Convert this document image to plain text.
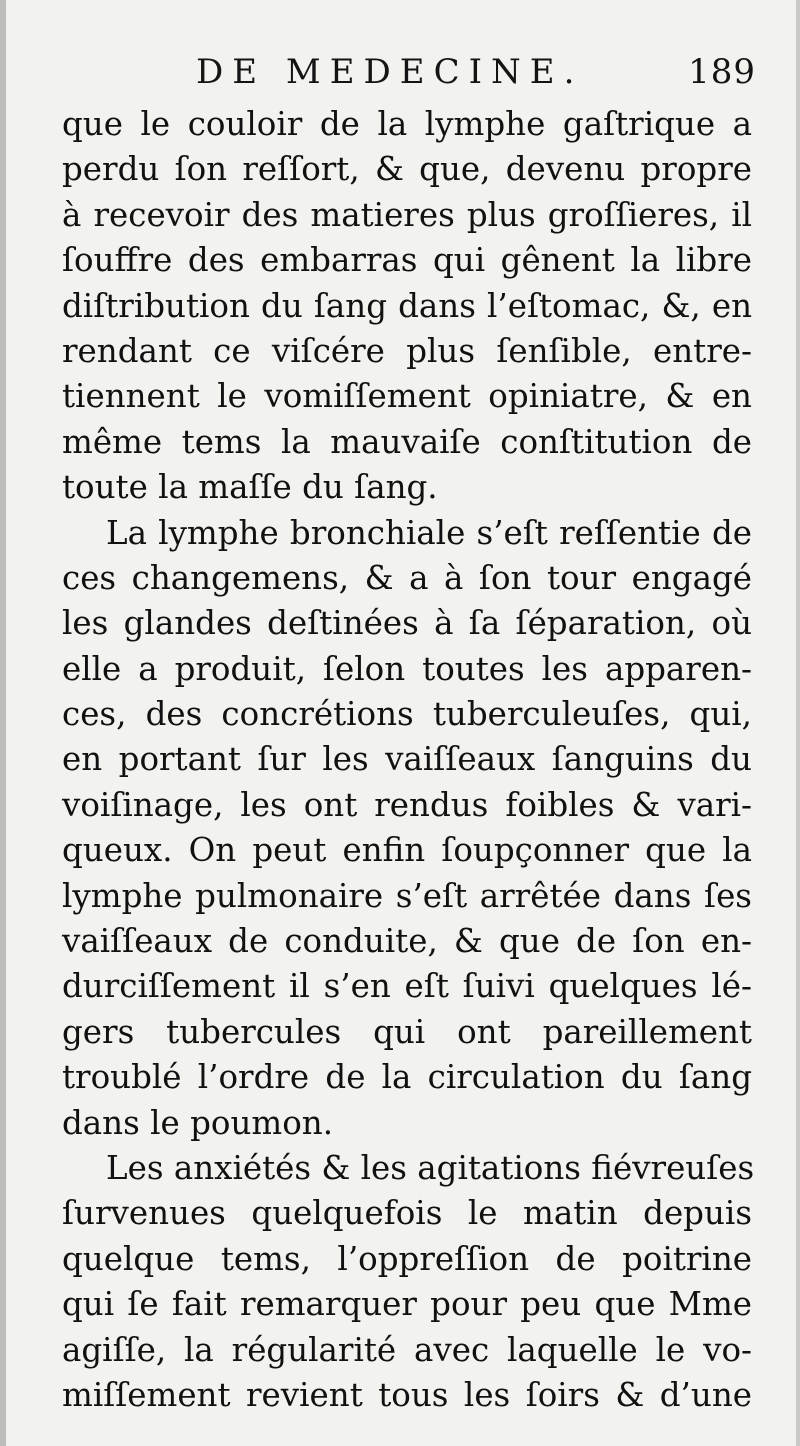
DE MEDECINE.	189
que le couloir de la lymphe gaſtrique a
perdu ſon reſſort, & que, devenu propre
à recevoir des matieres plus groſſieres, il
ſouffre des embarras qui gênent la libre
diſtribution du ſang dans l’eſtomac, &, en
rendant ce viſcére plus ſenſible, entre-
tiennent le vomiſſement opiniatre, & en
même tems la mauvaiſe conſtitution de
toute la maſſe du ſang.
La lymphe bronchiale s’eſt reſſentie de
ces changemens, & a à ſon tour engagé
les glandes deſtinées à ſa ſéparation, où
elle a produit, ſelon toutes les apparen-
ces, des concrétions tuberculeuſes, qui,
en portant ſur les vaiſſeaux ſanguins du
voiſinage, les ont rendus foibles & vari-
queux. On peut enfin ſoupçonner que la
lymphe pulmonaire s’eſt arrêtée dans ſes
vaiſſeaux de conduite, & que de ſon en-
durciſſement il s’en eſt ſuivi quelques lé-
gers tubercules qui ont pareillement
troublé l’ordre de la circulation du ſang
dans le poumon.
Les anxiétés & les agitations fiévreuſes
ſurvenues quelquefois le matin depuis
quelque tems, l’oppreſſion de poitrine
qui ſe fait remarquer pour peu que Mme
agiſſe, la régularité avec laquelle le vo-
miſſement revient tous les ſoirs & d’une
